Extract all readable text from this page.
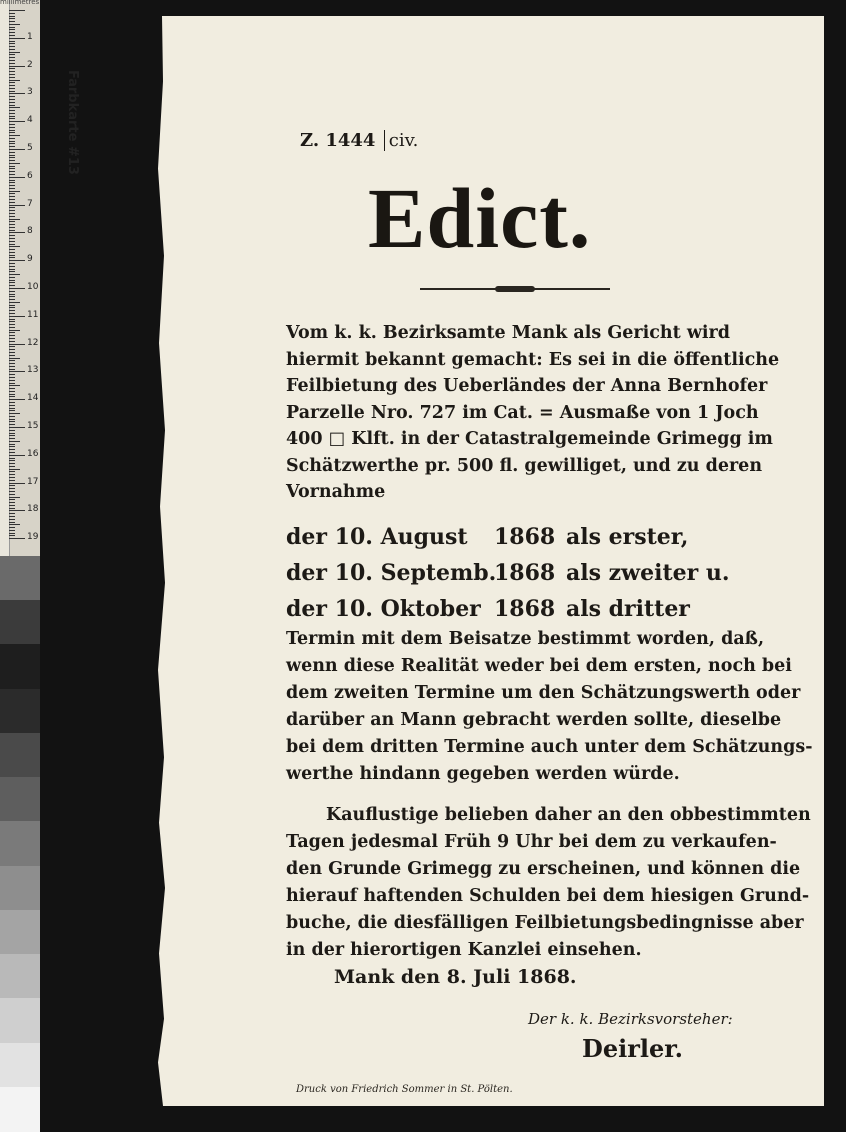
millimetres
Farbkarte #13
1
2
3
4
5
6
7
8
9
10
11
12
13
14
15
16
17
18
19
Z. 1444 civ.
Edict.
Vom k. k. Bezirksamte Mank als Gericht wird
hiermit bekannt gemacht: Es sei in die öffentliche
Feilbietung des Ueberländes der Anna Bernhofer
Parzelle Nro. 727 im Cat. = Ausmaße von 1 Joch
400 □ Klft. in der Catastralgemeinde Grimegg im
Schätzwerthe pr. 500 fl. gewilliget, und zu deren
Vornahme
der 10. August	1868 als erster,
der 10. Septemb.
1868 als zweiter u.
der 10. Oktober 1868 als dritter
Termin mit dem Beisatze bestimmt worden, daß,
wenn diese Realität weder bei dem ersten, noch bei
dem zweiten Termine um den Schätzungswerth oder
darüber an Mann gebracht werden sollte, dieselbe
bei dem dritten Termine auch unter dem Schätzungs-
werthe hindann gegeben werden würde.
Kauflustige belieben daher an den obbestimmten
Tagen jedesmal Früh 9 Uhr bei dem zu verkaufen-
den Grunde Grimegg zu erscheinen, und können die
hierauf haftenden Schulden bei dem hiesigen Grund-
buche, die diesfälligen Feilbietungsbedingnisse aber
in der hierortigen Kanzlei einsehen.
Mank den 8. Juli 1868.
Der k. k. Bezirksvorsteher:
Deirler.
Druck von Friedrich Sommer in St. Pölten.
